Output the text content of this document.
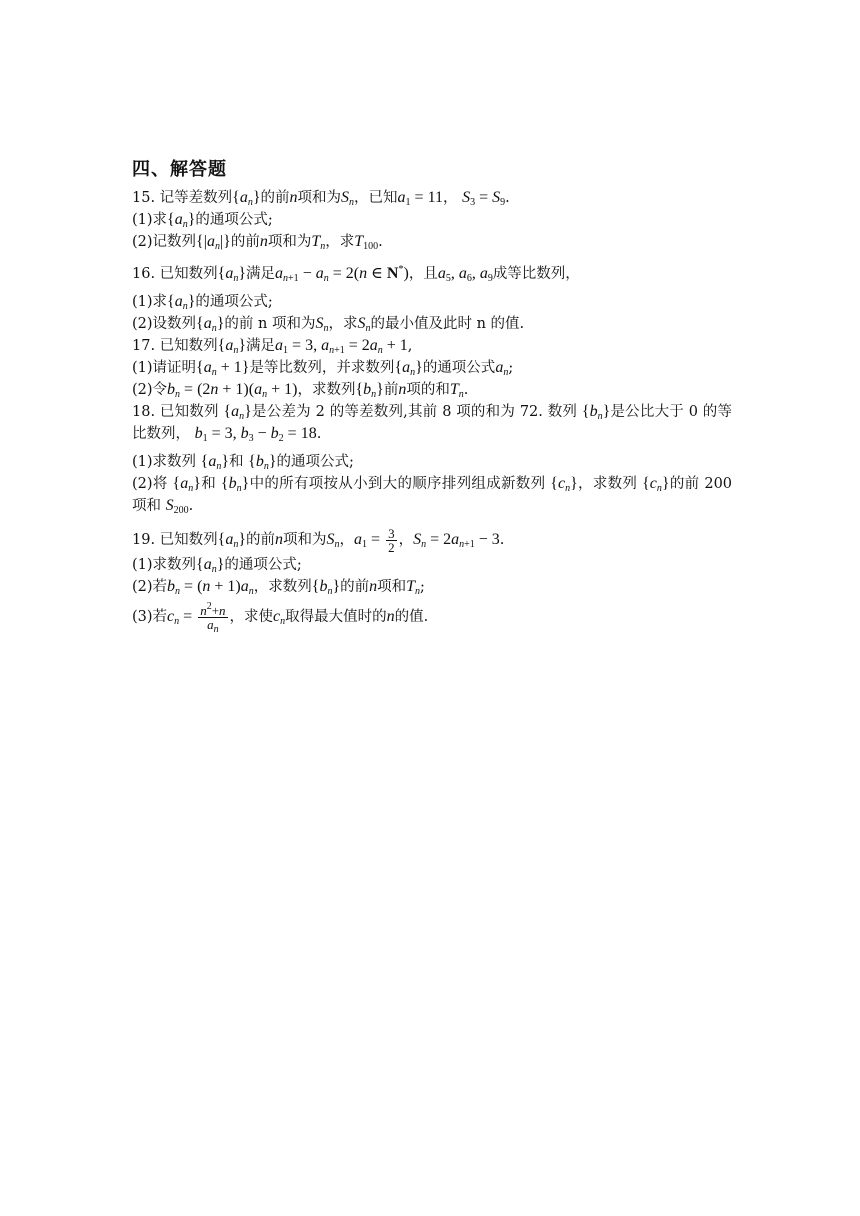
四、解答题
15. 记等差数列$\{a_n\}$的前n项和为$S_n$，已知$a_1 = 11$， $S_3 = S_9$.
(1)求$\{a_n\}$的通项公式;
(2)记数列$\{|a_n|\}$的前n项和为$T_n$，求$T_{100}$.
16. 已知数列$\{a_n\}$满足$a_{n+1} - a_n = 2(n$ ∈ N*)，且$a_5$, $a_6$, $a_9$成等比数列，
(1)求$\{a_n\}$的通项公式;
(2)设数列$\{a_n\}$的前 n 项和为$S_n$，求$S_n$的最小值及此时 n 的值.
17. 已知数列$\{a_n\}$满足$a_1 = 3$, $a_{n+1} = 2a_n + 1$,
(1)请证明$\{a_n + 1\}$是等比数列，并求数列$\{a_n\}$的通项公式$a_n$;
(2)令$b_n = (2n + 1)(a_n + 1)$，求数列$\{b_n\}$前n项的和$T_n$.
18. 已知数列 $\{a_n\}$是公差为 2 的等差数列,其前 8 项的和为 72. 数列 $\{b_n\}$是公比大于 0 的等比数列， $b_1 = 3$, $b_3 - b_2 = 18$.
(1)求数列 $\{a_n\}$和 $\{b_n\}$的通项公式;
(2)将 $\{a_n\}$和 $\{b_n\}$中的所有项按从小到大的顺序排列组成新数列 $\{c_n\}$，求数列 $\{c_n\}$的前 200 项和 $S_{200}$.
19. 已知数列$\{a_n\}$的前n项和为$S_n$，$a_1 = \frac{3}{2}$ ，$S_n = 2a_{n+1} - 3$.
(1)求数列$\{a_n\}$的通项公式;
(2)若$b_n = (n + 1)a_n$，求数列$\{b_n\}$的前n项和$T_n$;
(3)若$c_n = \frac{n^2+n}{a_n}$ ，求使$c_n$取得最大值时的n的值.
